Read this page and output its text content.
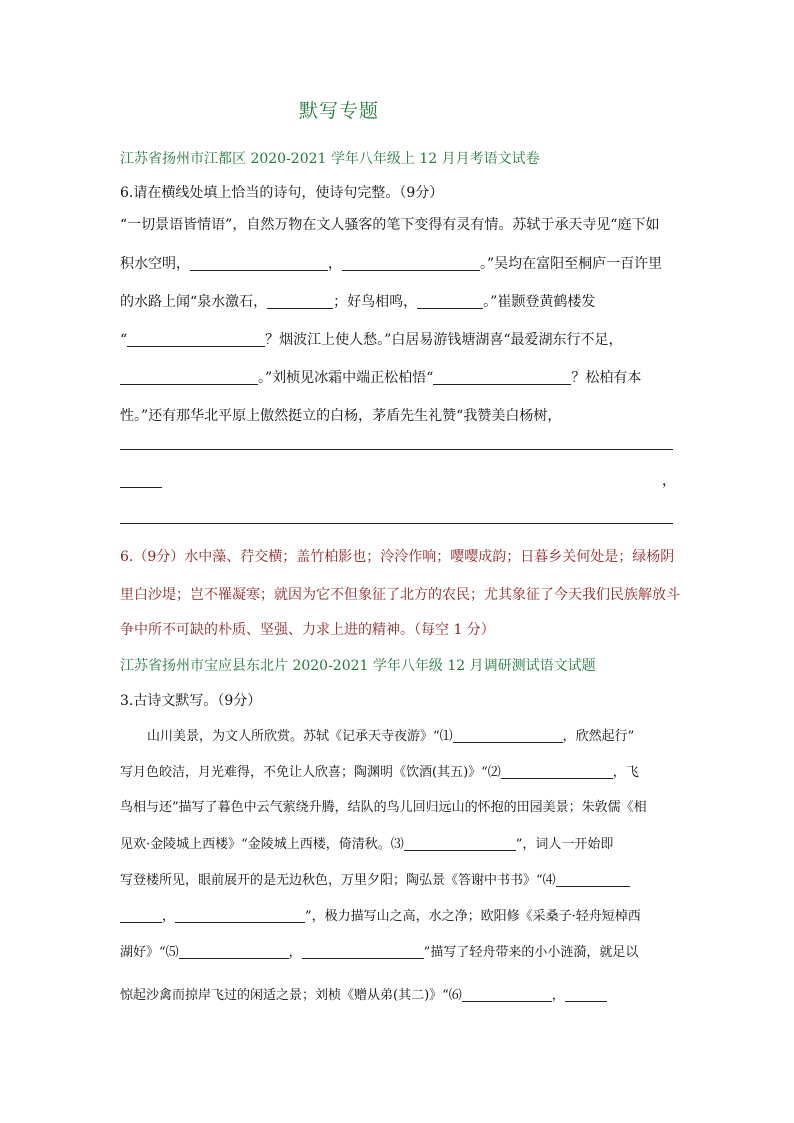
默写专题
江苏省扬州市江都区 2020-2021 学年八年级上 12 月月考语文试卷
6.请在横线处填上恰当的诗句，使诗句完整。（9分）
“一切景语皆情语”，自然万物在文人骚客的笔下变得有灵有情。苏轼于承天寺见“庭下如
积水空明，	，	。”吴均在富阳至桐庐一百许里
的水路上闻“泉水激石，	；好鸟相鸣，	。”崔颢登黄鹤楼发
“	？烟波江上使人愁。”白居易游钱塘湖喜“最爱湖东行不足，
。”刘桢见冰霜中端正松柏悟“	？松柏有本
性。”还有那华北平原上傲然挺立的白杨，茅盾先生礼赞“我赞美白杨树，
，
6.（9分）水中藻、荇交横；盖竹柏影也；泠泠作响；嘤嘤成韵；日暮乡关何处是；绿杨阴
里白沙堤；岂不罹凝寒；就因为它不但象征了北方的农民；尤其象征了今天我们民族解放斗
争中所不可缺的朴质、坚强、力求上进的精神。（每空 1 分）
江苏省扬州市宝应县东北片 2020-2021 学年八年级 12 月调研测试语文试题
3.古诗文默写。（9分）
山川美景，为文人所欣赏。苏轼《记承天寺夜游》“⑴	，欣然起行”
写月色皎洁，月光难得，不免让人欣喜；陶渊明《饮酒(其五)》“⑵	，飞
鸟相与还”描写了暮色中云气萦绕升腾，结队的鸟儿回归远山的怀抱的田园美景；朱敦儒《相
见欢·金陵城上西楼》“金陵城上西楼，倚清秋。⑶	”，词人一开始即
写登楼所见，眼前展开的是无边秋色，万里夕阳；陶弘景《答谢中书书》“⑷
，	”，极力描写山之高，水之净；欧阳修《采桑子·轻舟短棹西
湖好》“⑸	，	”描写了轻舟带来的小小涟漪，就足以
惊起沙禽而掠岸飞过的闲适之景；刘桢《赠从弟(其二)》“⑹	，
